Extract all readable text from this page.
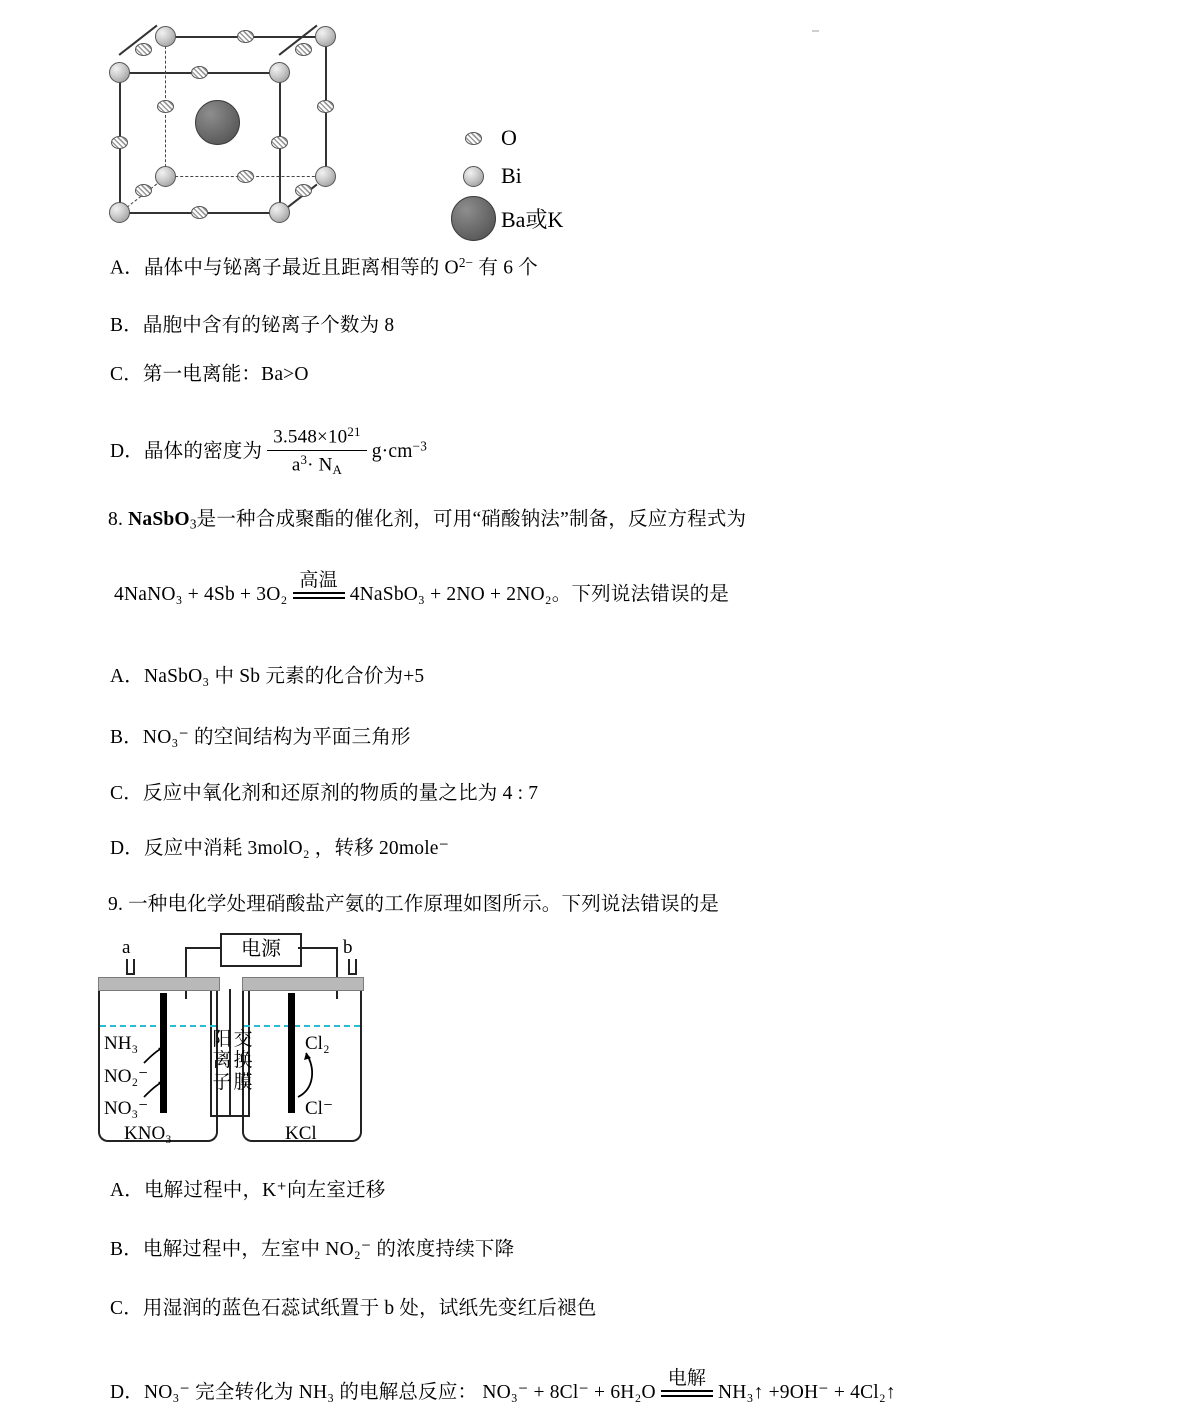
O
Bi
Ba或K
A．晶体中与铋离子最近且距离相等的 $O^{2-}$ 有 6 个
B．晶胞中含有的铋离子个数为 8
C．第一电离能：Ba>O
D．晶体的密度为 $\frac{3.548\times 10^{21}}{a^3\cdot N_A} g\cdot cm^{-3}$
8. NaSbO$_3$是一种合成聚酯的催化剂，可用“硝酸钠法”制备，反应方程式为
4NaNO₃ + 4Sb + 3O₂
高温
4NaSbO₃ + 2NO + 2NO₂。下列说法错误的是
A．NaSbO₃ 中 Sb 元素的化合价为+5
B．NO₃⁻ 的空间结构为平面三角形
C．反应中氧化剂和还原剂的物质的量之比为 4 : 7
D．反应中消耗 3molO₂ ，转移 20mole⁻
9. 一种电化学处理硝酸盐产氨的工作原理如图所示。下列说法错误的是
电源
a	b
NH₃
NO₂⁻
NO₃⁻
KNO₃
阳离子
交换膜
Cl₂
Cl⁻
KCl
A．电解过程中，K⁺向左室迁移
B．电解过程中，左室中 NO₂⁻ 的浓度持续下降
C．用湿润的蓝色石蕊试纸置于 b 处，试纸先变红后褪色
D．NO₃⁻ 完全转化为 NH₃ 的电解总反应： NO₃⁻ + 8Cl⁻ + 6H₂O
电解
NH₃↑ +9OH⁻ + 4Cl₂↑
